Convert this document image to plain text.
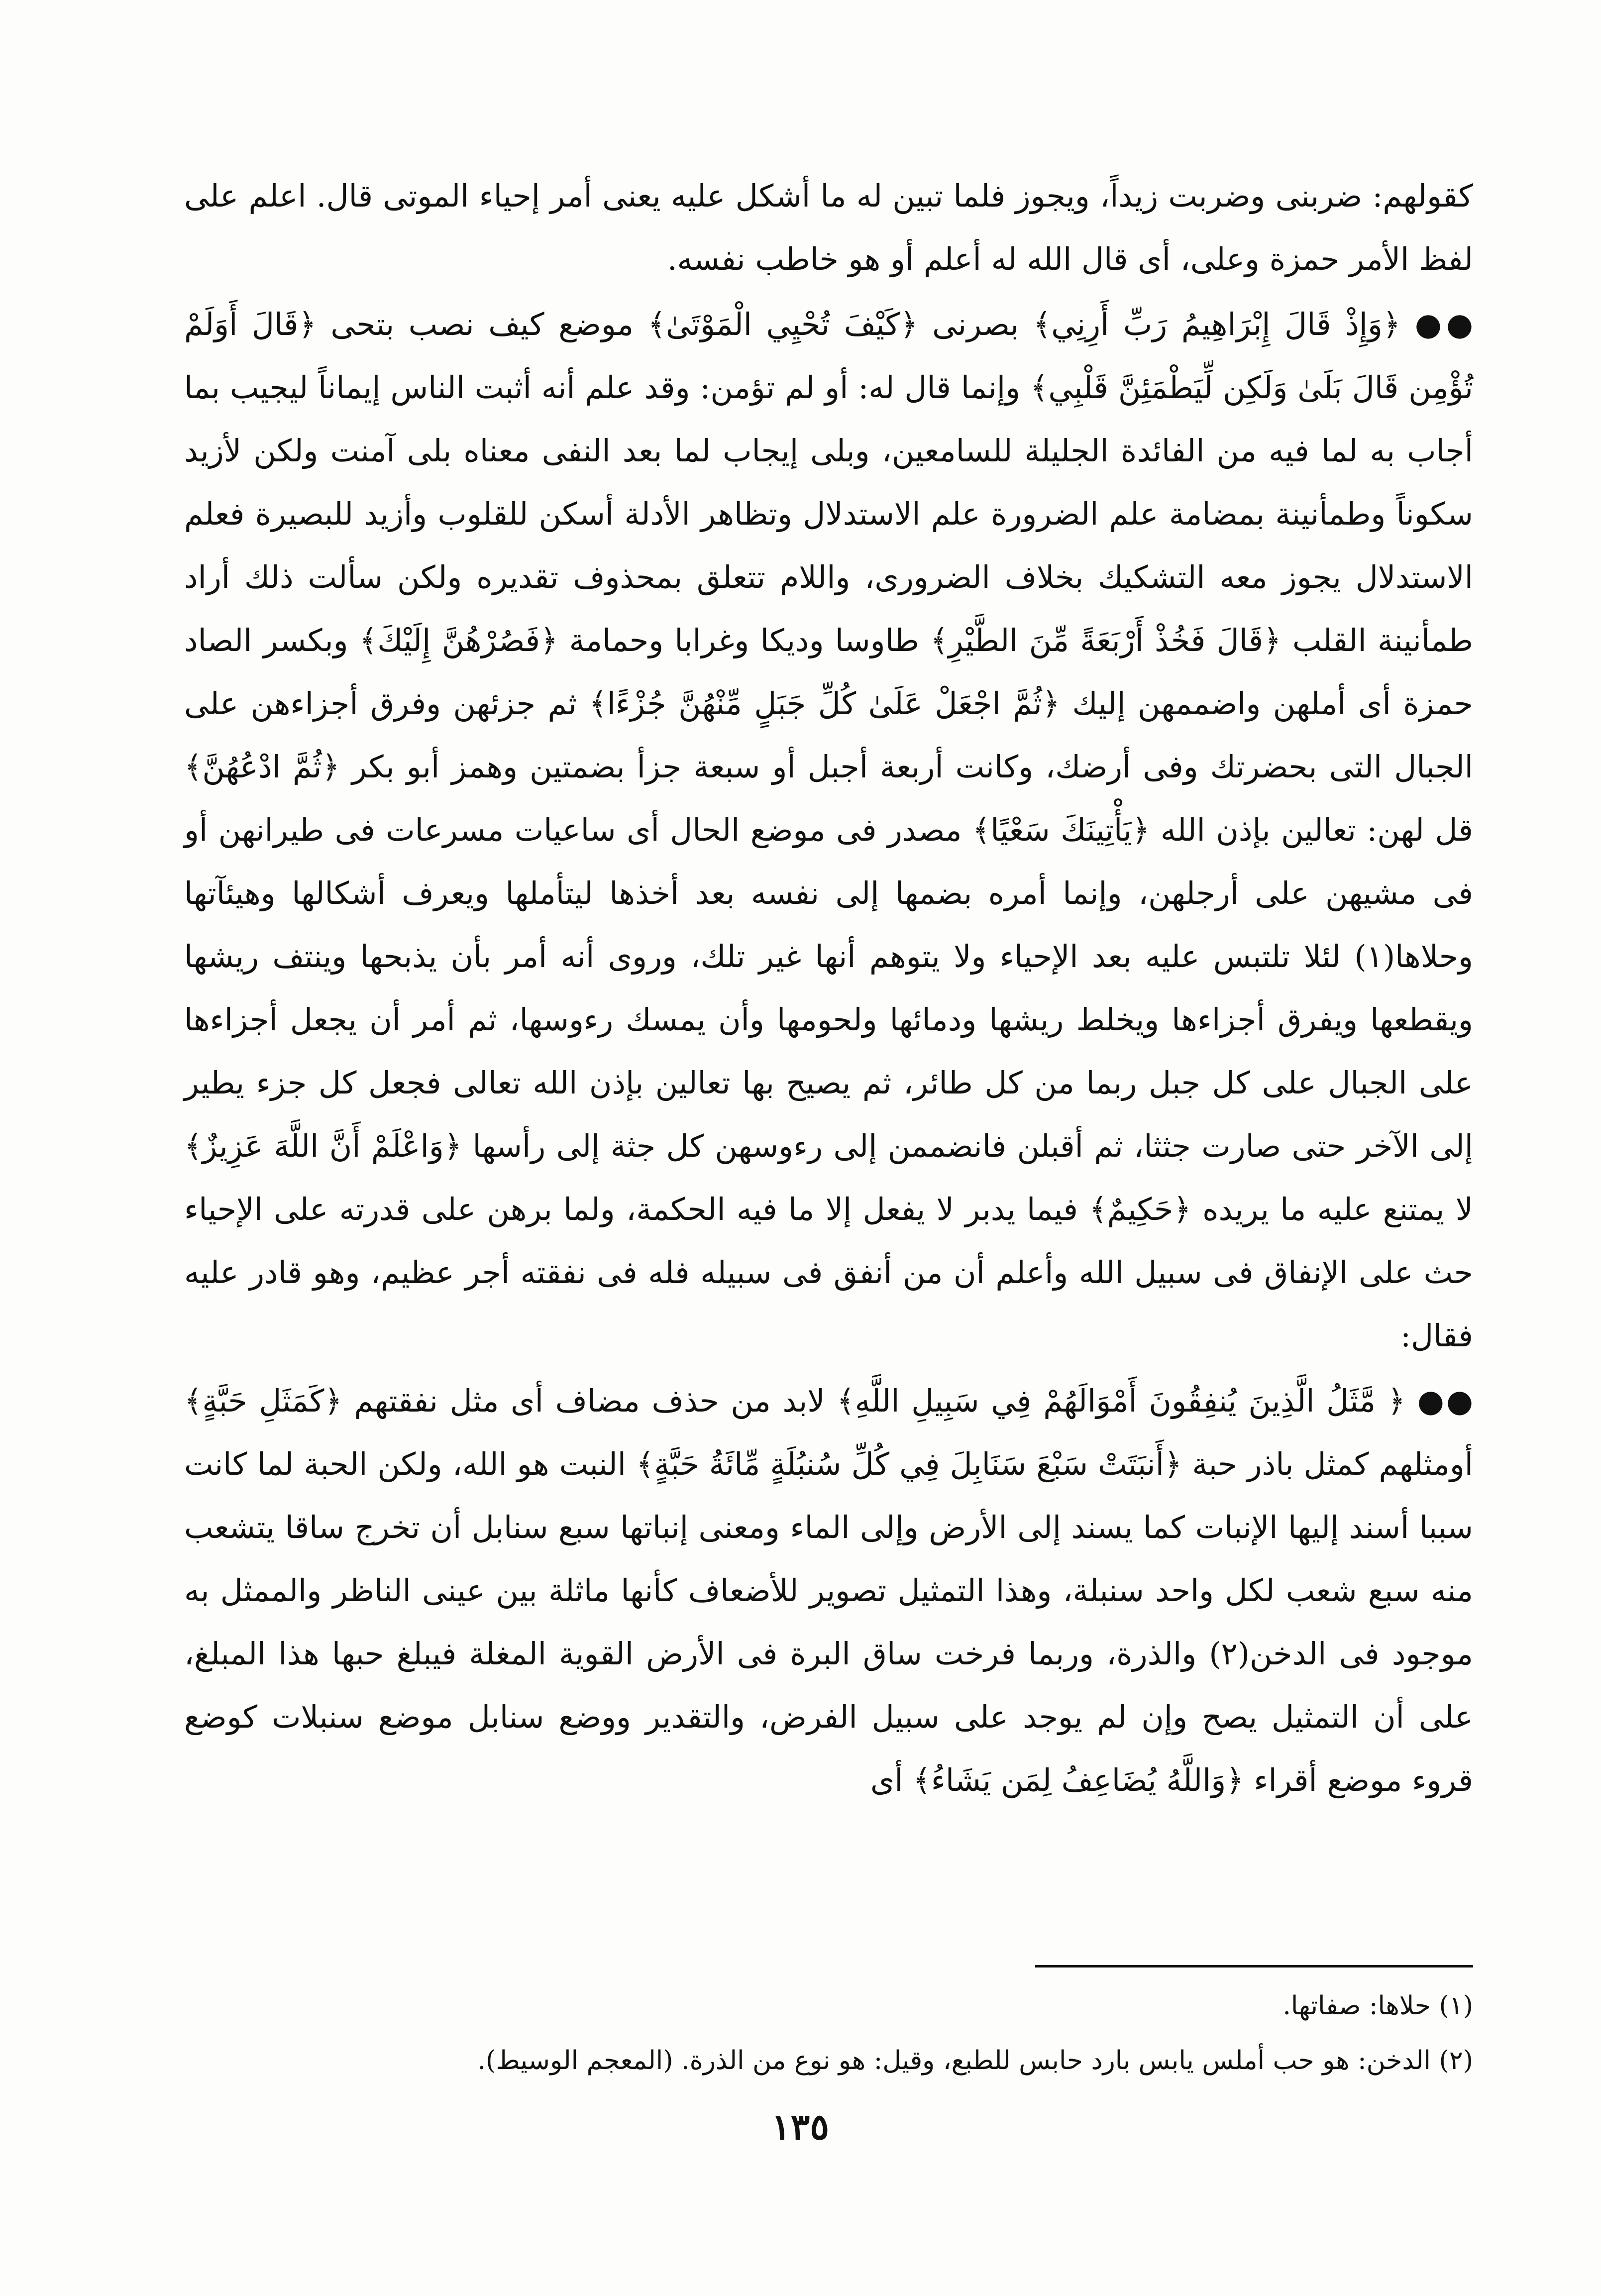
كقولهم: ضربنى وضربت زيداً، ويجوز فلما تبين له ما أشكل عليه يعنى أمر إحياء الموتى قال. اعلم على لفظ الأمر حمزة وعلى، أى قال الله له أعلم أو هو خاطب نفسه.

●● ﴿وَإِذْ قَالَ إِبْرَاهِيمُ رَبِّ أَرِنِي﴾ بصرنى ﴿كَيْفَ تُحْيِي الْمَوْتَىٰ﴾ موضع كيف نصب بتحى ﴿قَالَ أَوَلَمْ تُؤْمِن قَالَ بَلَىٰ وَلَكِن لِّيَطْمَئِنَّ قَلْبِي﴾ وإنما قال له: أو لم تؤمن: وقد علم أنه أثبت الناس إيماناً ليجيب بما أجاب به لما فيه من الفائدة الجليلة للسامعين، وبلى إيجاب لما بعد النفى معناه بلى آمنت ولكن لأزيد سكوناً وطمأنينة بمضامة علم الضرورة علم الاستدلال وتظاهر الأدلة أسكن للقلوب وأزيد للبصيرة فعلم الاستدلال يجوز معه التشكيك بخلاف الضرورى، واللام تتعلق بمحذوف تقديره ولكن سألت ذلك أراد طمأنينة القلب ﴿قَالَ فَخُذْ أَرْبَعَةً مِّنَ الطَّيْرِ﴾ طاوسا وديكا وغرابا وحمامة ﴿فَصُرْهُنَّ إِلَيْكَ﴾ وبكسر الصاد حمزة أى أملهن واضممهن إليك ﴿ثُمَّ اجْعَلْ عَلَىٰ كُلِّ جَبَلٍ مِّنْهُنَّ جُزْءًا﴾ ثم جزئهن وفرق أجزاءهن على الجبال التى بحضرتك وفى أرضك، وكانت أربعة أجبل أو سبعة جزأ بضمتين وهمز أبو بكر ﴿ثُمَّ ادْعُهُنَّ﴾ قل لهن: تعالين بإذن الله ﴿يَأْتِينَكَ سَعْيًا﴾ مصدر فى موضع الحال أى ساعيات مسرعات فى طيرانهن أو فى مشيهن على أرجلهن، وإنما أمره بضمها إلى نفسه بعد أخذها ليتأملها ويعرف أشكالها وهيئآتها وحلاها(١) لئلا تلتبس عليه بعد الإحياء ولا يتوهم أنها غير تلك، وروى أنه أمر بأن يذبحها وينتف ريشها ويقطعها ويفرق أجزاءها ويخلط ريشها ودمائها ولحومها وأن يمسك رءوسها، ثم أمر أن يجعل أجزاءها على الجبال على كل جبل ربما من كل طائر، ثم يصيح بها تعالين بإذن الله تعالى فجعل كل جزء يطير إلى الآخر حتى صارت جثثا، ثم أقبلن فانضممن إلى رءوسهن كل جثة إلى رأسها ﴿وَاعْلَمْ أَنَّ اللَّهَ عَزِيزٌ﴾ لا يمتنع عليه ما يريده ﴿حَكِيمٌ﴾ فيما يدبر لا يفعل إلا ما فيه الحكمة، ولما برهن على قدرته على الإحياء حث على الإنفاق فى سبيل الله وأعلم أن من أنفق فى سبيله فله فى نفقته أجر عظيم، وهو قادر عليه فقال:

●● ﴿ مَّثَلُ الَّذِينَ يُنفِقُونَ أَمْوَالَهُمْ فِي سَبِيلِ اللَّهِ﴾ لابد من حذف مضاف أى مثل نفقتهم ﴿كَمَثَلِ حَبَّةٍ﴾ أومثلهم كمثل باذر حبة ﴿أَنبَتَتْ سَبْعَ سَنَابِلَ فِي كُلِّ سُنبُلَةٍ مِّائَةُ حَبَّةٍ﴾ النبت هو الله، ولكن الحبة لما كانت سببا أسند إليها الإنبات كما يسند إلى الأرض وإلى الماء ومعنى إنباتها سبع سنابل أن تخرج ساقا يتشعب منه سبع شعب لكل واحد سنبلة، وهذا التمثيل تصوير للأضعاف كأنها ماثلة بين عينى الناظر والممثل به موجود فى الدخن(٢) والذرة، وربما فرخت ساق البرة فى الأرض القوية المغلة فيبلغ حبها هذا المبلغ، على أن التمثيل يصح وإن لم يوجد على سبيل الفرض، والتقدير ووضع سنابل موضع سنبلات كوضع قروء موضع أقراء ﴿وَاللَّهُ يُضَاعِفُ لِمَن يَشَاءُ﴾ أى

(١) حلاها: صفاتها.

(٢) الدخن: هو حب أملس يابس بارد حابس للطبع، وقيل: هو نوع من الذرة. (المعجم الوسيط).

١٣٥
